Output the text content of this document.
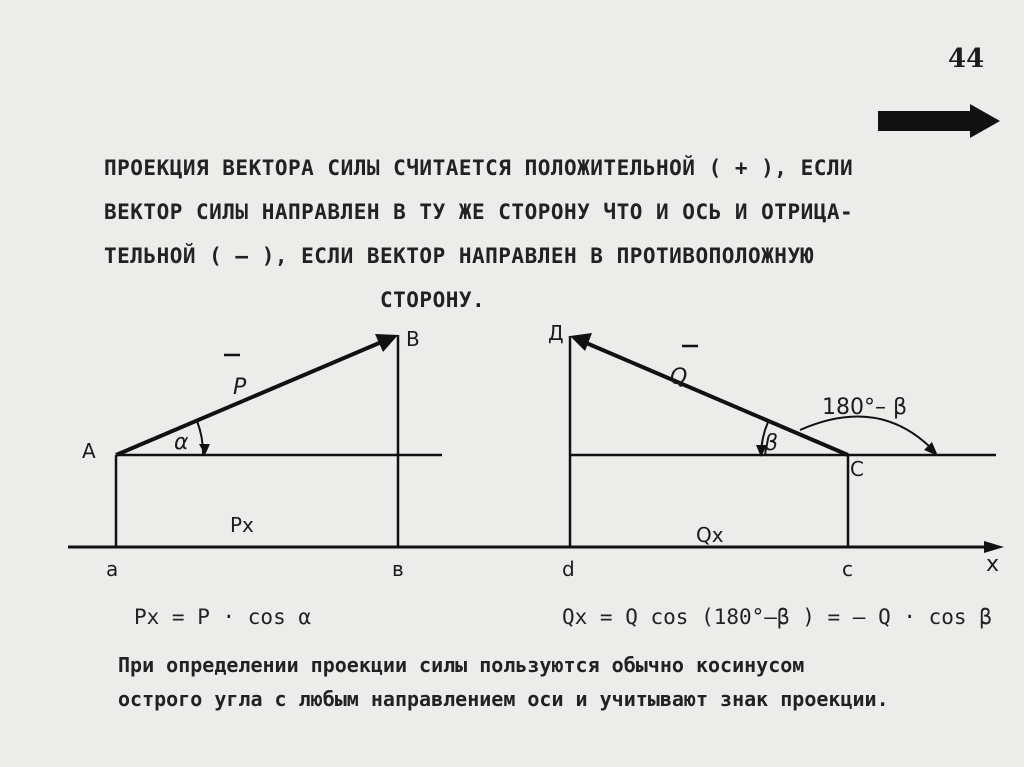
44
ПРОЕКЦИЯ ВЕКТОРА СИЛЫ СЧИТАЕТСЯ ПОЛОЖИТЕЛЬНОЙ ( + ), ЕСЛИ
ВЕКТОР СИЛЫ НАПРАВЛЕН В ТУ ЖЕ СТОРОНУ ЧТО И ОСЬ И ОТРИЦА-
ТЕЛЬНОЙ ( – ), ЕСЛИ ВЕКТОР НАПРАВЛЕН В ПРОТИВОПОЛОЖНУЮ
СТОРОНУ.
x
P
α
A
B
Px
a	в
Q
β
180°– β
Д
C
Qx
d	c
Px = P · cos α	Qx = Q cos (180°–β ) = – Q · cos β
При определении проекции силы пользуются обычно косинусом
острого угла с любым направлением оси и учитывают знак проекции.
